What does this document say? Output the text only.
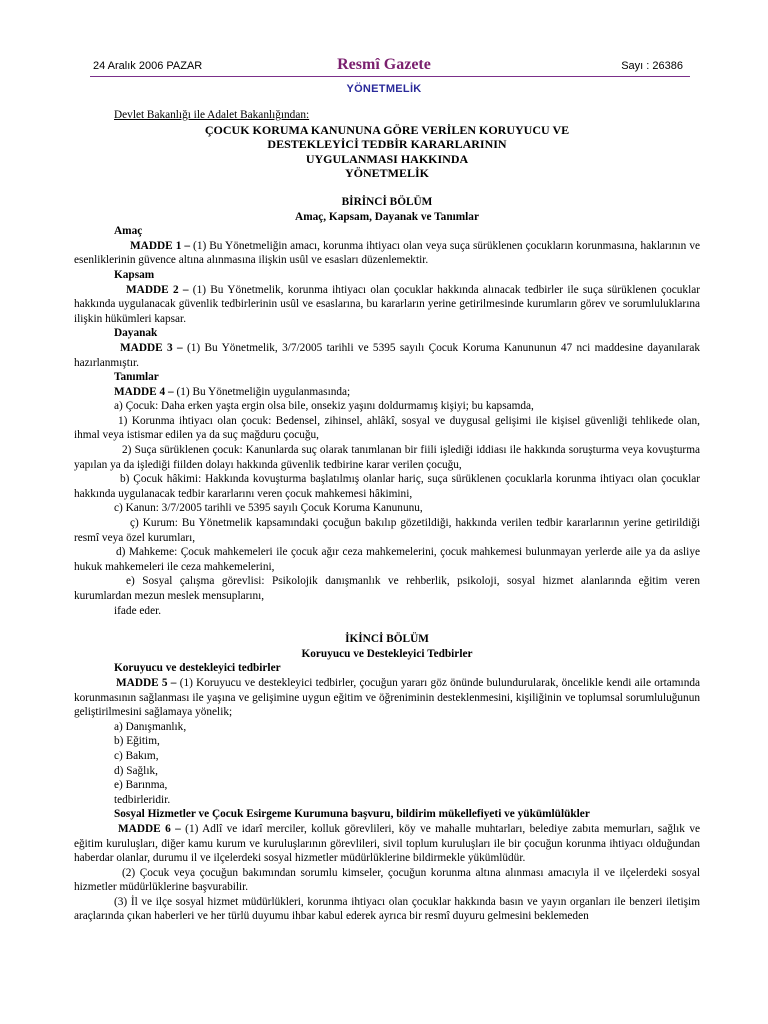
24 Aralık 2006 PAZAR	Resmî Gazete	Sayı : 26386
YÖNETMELİK

Devlet Bakanlığı ile Adalet Bakanlığından:

ÇOCUK KORUMA KANUNUNA GÖRE VERİLEN KORUYUCU VE

DESTEKLEYİCİ TEDBİR KARARLARININ

UYGULANMASI HAKKINDA

YÖNETMELİK

BİRİNCİ BÖLÜM

Amaç, Kapsam, Dayanak ve Tanımlar

Amaç

MADDE 1 – (1) Bu Yönetmeliğin amacı, korunma ihtiyacı olan veya suça sürüklenen çocukların korunmasına, haklarının ve esenliklerinin güvence altına alınmasına ilişkin usûl ve esasları düzenlemektir.

Kapsam

MADDE 2 – (1) Bu Yönetmelik, korunma ihtiyacı olan çocuklar hakkında alınacak tedbirler ile suça sürüklenen çocuklar hakkında uygulanacak güvenlik tedbirlerinin usûl ve esaslarına, bu kararların yerine getirilmesinde kurumların görev ve sorumluluklarına ilişkin hükümleri kapsar.

Dayanak

MADDE 3 – (1) Bu Yönetmelik, 3/7/2005 tarihli ve 5395 sayılı Çocuk Koruma Kanununun 47 nci maddesine dayanılarak hazırlanmıştır.

Tanımlar

MADDE 4 – (1) Bu Yönetmeliğin uygulanmasında;

a) Çocuk: Daha erken yaşta ergin olsa bile, onsekiz yaşını doldurmamış kişiyi; bu kapsamda,

1) Korunma ihtiyacı olan çocuk: Bedensel, zihinsel, ahlâkî, sosyal ve duygusal gelişimi ile kişisel güvenliği tehlikede olan, ihmal veya istismar edilen ya da suç mağduru çocuğu,

2) Suça sürüklenen çocuk: Kanunlarda suç olarak tanımlanan bir fiili işlediği iddiası ile hakkında soruşturma veya kovuşturma yapılan ya da işlediği fiilden dolayı hakkında güvenlik tedbirine karar verilen çocuğu,

b) Çocuk hâkimi: Hakkında kovuşturma başlatılmış olanlar hariç, suça sürüklenen çocuklarla korunma ihtiyacı olan çocuklar hakkında uygulanacak tedbir kararlarını veren çocuk mahkemesi hâkimini,

c) Kanun: 3/7/2005 tarihli ve 5395 sayılı Çocuk Koruma Kanununu,

ç) Kurum: Bu Yönetmelik kapsamındaki çocuğun bakılıp gözetildiği, hakkında verilen tedbir kararlarının yerine getirildiği resmî veya özel kurumları,

d) Mahkeme: Çocuk mahkemeleri ile çocuk ağır ceza mahkemelerini, çocuk mahkemesi bulunmayan yerlerde aile ya da asliye hukuk mahkemeleri ile ceza mahkemelerini,

e) Sosyal çalışma görevlisi: Psikolojik danışmanlık ve rehberlik, psikoloji, sosyal hizmet alanlarında eğitim veren kurumlardan mezun meslek mensuplarını,

ifade eder.

İKİNCİ BÖLÜM

Koruyucu ve Destekleyici Tedbirler

Koruyucu ve destekleyici tedbirler

MADDE 5 – (1) Koruyucu ve destekleyici tedbirler, çocuğun yararı göz önünde bulundurularak, öncelikle kendi aile ortamında korunmasının sağlanması ile yaşına ve gelişimine uygun eğitim ve öğreniminin desteklenmesini, kişiliğinin ve toplumsal sorumluluğunun geliştirilmesini sağlamaya yönelik;

a) Danışmanlık,

b) Eğitim,

c) Bakım,

d) Sağlık,

e) Barınma,

tedbirleridir.

Sosyal Hizmetler ve Çocuk Esirgeme Kurumuna başvuru, bildirim mükellefiyeti ve yükümlülükler

MADDE 6 – (1) Adlî ve idarî merciler, kolluk görevlileri, köy ve mahalle muhtarları, belediye zabıta memurları, sağlık ve eğitim kuruluşları, diğer kamu kurum ve kuruluşlarının görevlileri, sivil toplum kuruluşları ile bir çocuğun korunma ihtiyacı olduğundan haberdar olanlar, durumu il ve ilçelerdeki sosyal hizmetler müdürlüklerine bildirmekle yükümlüdür.

(2) Çocuk veya çocuğun bakımından sorumlu kimseler, çocuğun korunma altına alınması amacıyla il ve ilçelerdeki sosyal hizmetler müdürlüklerine başvurabilir.

(3) İl ve ilçe sosyal hizmet müdürlükleri, korunma ihtiyacı olan çocuklar hakkında basın ve yayın organları ile benzeri iletişim araçlarında çıkan haberleri ve her türlü duyumu ihbar kabul ederek ayrıca bir resmî duyuru gelmesini beklemeden
